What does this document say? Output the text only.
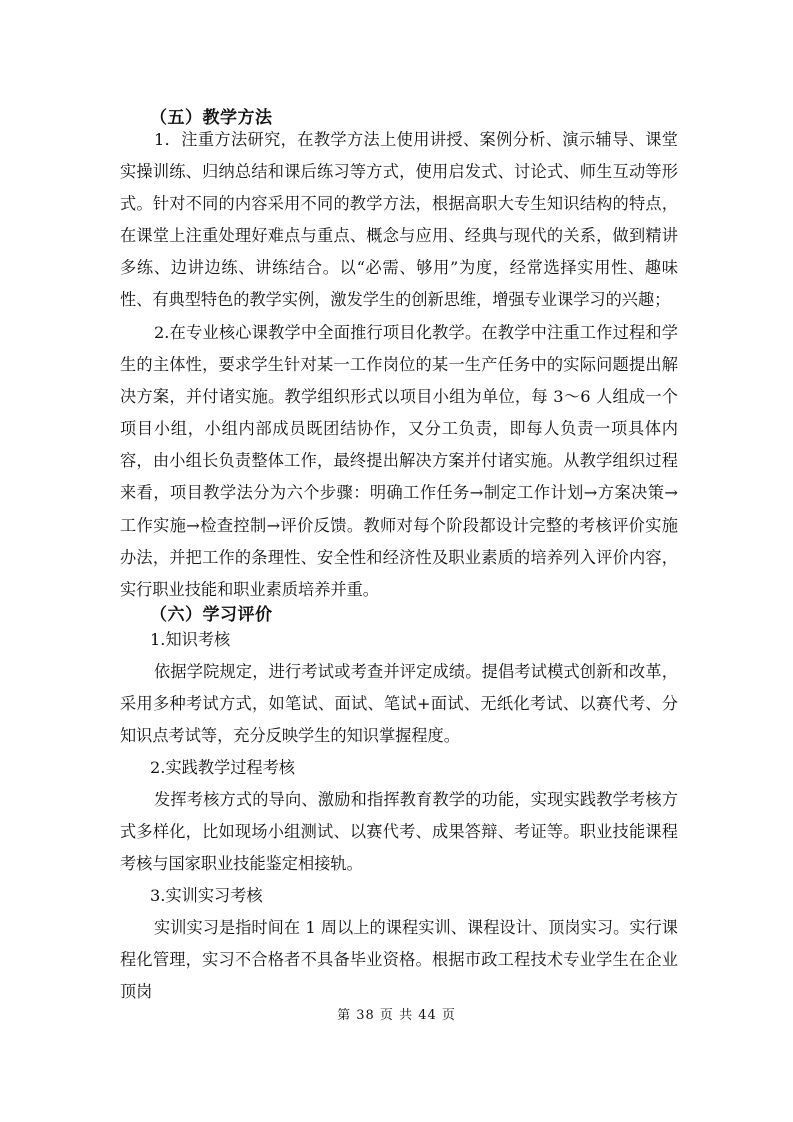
（五）教学方法

1．注重方法研究，在教学方法上使用讲授、案例分析、演示辅导、课堂实操训练、归纳总结和课后练习等方式，使用启发式、讨论式、师生互动等形式。针对不同的内容采用不同的教学方法，根据高职大专生知识结构的特点，在课堂上注重处理好难点与重点、概念与应用、经典与现代的关系，做到精讲多练、边讲边练、讲练结合。以“必需、够用”为度，经常选择实用性、趣味性、有典型特色的教学实例，激发学生的创新思维，增强专业课学习的兴趣；

2.在专业核心课教学中全面推行项目化教学。在教学中注重工作过程和学生的主体性，要求学生针对某一工作岗位的某一生产任务中的实际问题提出解决方案，并付诸实施。教学组织形式以项目小组为单位，每 3～6 人组成一个项目小组，小组内部成员既团结协作，又分工负责，即每人负责一项具体内容，由小组长负责整体工作，最终提出解决方案并付诸实施。从教学组织过程来看，项目教学法分为六个步骤：明确工作任务→制定工作计划→方案决策→工作实施→检查控制→评价反馈。教师对每个阶段都设计完整的考核评价实施办法，并把工作的条理性、安全性和经济性及职业素质的培养列入评价内容，实行职业技能和职业素质培养并重。

（六）学习评价

1.知识考核

依据学院规定，进行考试或考查并评定成绩。提倡考试模式创新和改革，采用多种考试方式，如笔试、面试、笔试+面试、无纸化考试、以赛代考、分知识点考试等，充分反映学生的知识掌握程度。

2.实践教学过程考核

发挥考核方式的导向、激励和指挥教育教学的功能，实现实践教学考核方式多样化，比如现场小组测试、以赛代考、成果答辩、考证等。职业技能课程考核与国家职业技能鉴定相接轨。

3.实训实习考核

实训实习是指时间在 1 周以上的课程实训、课程设计、顶岗实习。实行课程化管理，实习不合格者不具备毕业资格。根据市政工程技术专业学生在企业顶岗

第 38 页 共 44 页
